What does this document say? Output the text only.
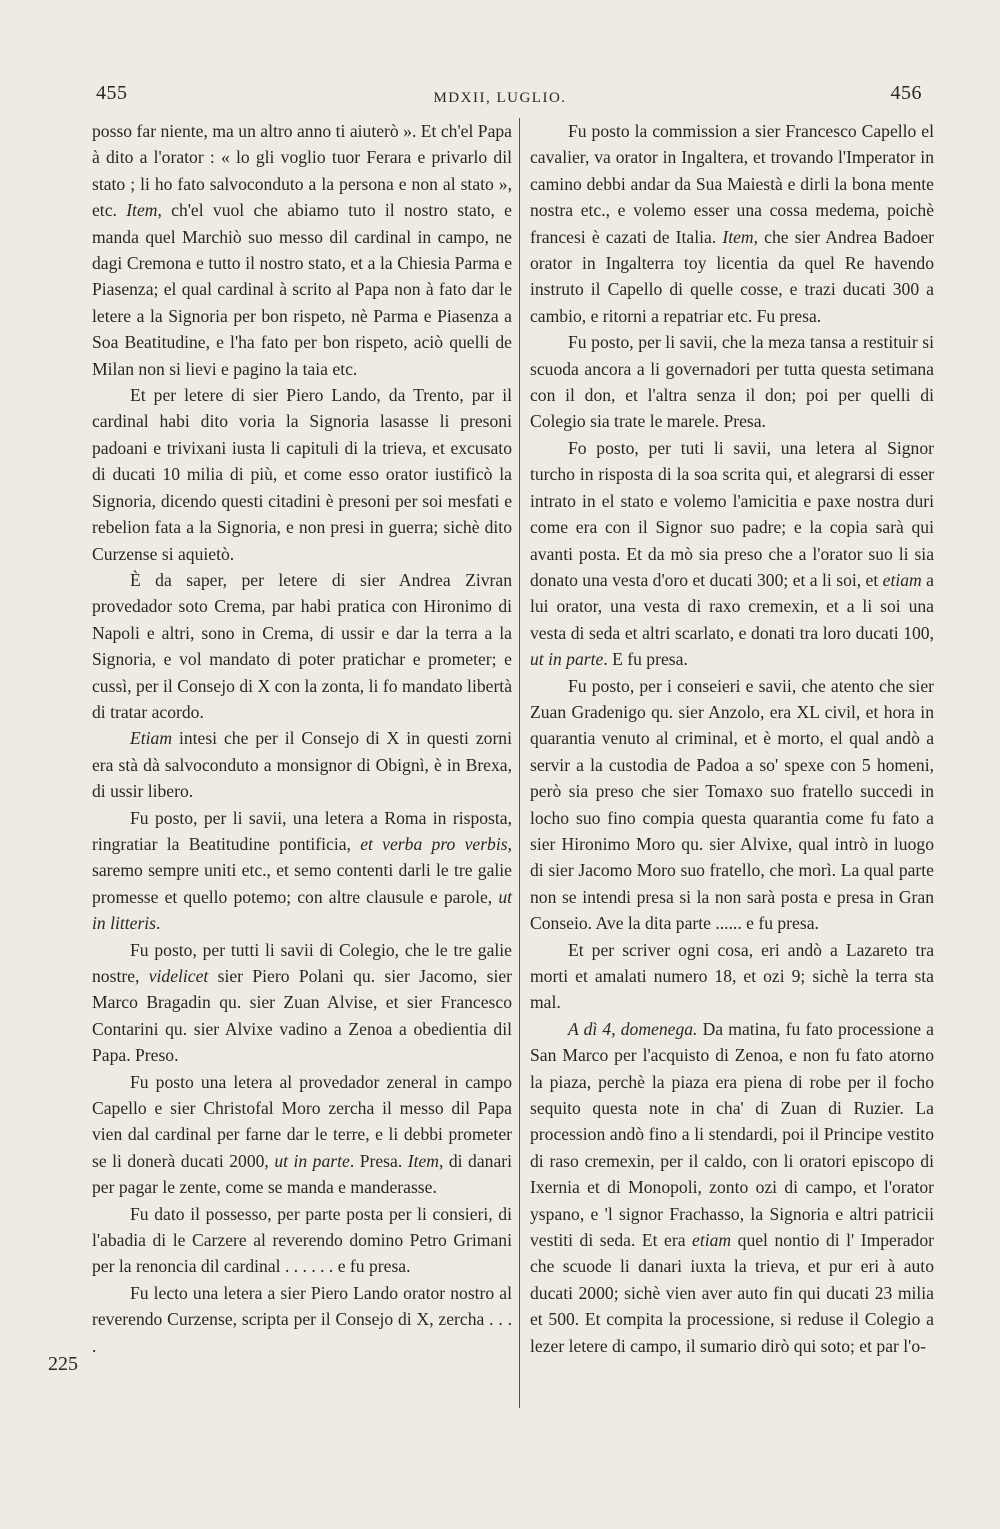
455	MDXII, LUGLIO.	456

posso far niente, ma un altro anno ti aiuterò ». Et ch'el Papa à dito a l'orator : « lo gli voglio tuor Ferara e privarlo dil stato ; li ho fato salvoconduto a la persona e non al stato », etc. Item, ch'el vuol che abiamo tuto il nostro stato, e manda quel Marchiò suo messo dil cardinal in campo, ne dagi Cremona e tutto il nostro stato, et a la Chiesia Parma e Piasenza; el qual cardinal à scrito al Papa non à fato dar le letere a la Signoria per bon rispeto, nè Parma e Piasenza a Soa Beatitudine, e l'ha fato per bon rispeto, aciò quelli de Milan non si lievi e pagino la taia etc.

Et per letere di sier Piero Lando, da Trento, par il cardinal habi dito voria la Signoria lasasse li presoni padoani e trivixani iusta li capituli di la trieva, et excusato di ducati 10 milia di più, et come esso orator iustificò la Signoria, dicendo questi citadini è presoni per soi mesfati e rebelion fata a la Signoria, e non presi in guerra; sichè dito Curzense si aquietò.

È da saper, per letere di sier Andrea Zivran provedador soto Crema, par habi pratica con Hironimo di Napoli e altri, sono in Crema, di ussir e dar la terra a la Signoria, e vol mandato di poter pratichar e prometer; e cussì, per il Consejo di X con la zonta, li fo mandato libertà di tratar acordo.

Etiam intesi che per il Consejo di X in questi zorni era stà dà salvoconduto a monsignor di Obignì, è in Brexa, di ussir libero.

Fu posto, per li savii, una letera a Roma in risposta, ringratiar la Beatitudine pontificia, et verba pro verbis, saremo sempre uniti etc., et semo contenti darli le tre galie promesse et quello potemo; con altre clausule e parole, ut in litteris.

Fu posto, per tutti li savii di Colegio, che le tre galie nostre, videlicet sier Piero Polani qu. sier Jacomo, sier Marco Bragadin qu. sier Zuan Alvise, et sier Francesco Contarini qu. sier Alvixe vadino a Zenoa a obedientia dil Papa. Preso.

Fu posto una letera al provedador zeneral in campo Capello e sier Christofal Moro zercha il messo dil Papa vien dal cardinal per farne dar le terre, e li debbi prometer se li donerà ducati 2000, ut in parte. Presa. Item, di danari per pagar le zente, come se manda e manderasse.

Fu dato il possesso, per parte posta per li consieri, di l'abadia di le Carzere al reverendo domino Petro Grimani per la renoncia dil cardinal . . . . . . e fu presa.

Fu lecto una letera a sier Piero Lando orator nostro al reverendo Curzense, scripta per il Consejo di X, zercha . . . .

Fu posto la commission a sier Francesco Capello el cavalier, va orator in Ingaltera, et trovando l'Imperator in camino debbi andar da Sua Maiestà e dirli la bona mente nostra etc., e volemo esser una cossa medema, poichè francesi è cazati de Italia. Item, che sier Andrea Badoer orator in Ingalterra toy licentia da quel Re havendo instruto il Capello di quelle cosse, e trazi ducati 300 a cambio, e ritorni a repatriar etc. Fu presa.

Fu posto, per li savii, che la meza tansa a restituir si scuoda ancora a li governadori per tutta questa setimana con il don, et l'altra senza il don; poi per quelli di Colegio sia trate le marele. Presa.

Fo posto, per tuti li savii, una letera al Signor turcho in risposta di la soa scrita qui, et alegrarsi di esser intrato in el stato e volemo l'amicitia e paxe nostra duri come era con il Signor suo padre; e la copia sarà qui avanti posta. Et da mò sia preso che a l'orator suo li sia donato una vesta d'oro et ducati 300; et a li soi, et etiam a lui orator, una vesta di raxo cremexin, et a li soi una vesta di seda et altri scarlato, e donati tra loro ducati 100, ut in parte. E fu presa.

Fu posto, per i conseieri e savii, che atento che sier Zuan Gradenigo qu. sier Anzolo, era XL civil, et hora in quarantia venuto al criminal, et è morto, el qual andò a servir a la custodia de Padoa a so' spexe con 5 homeni, però sia preso che sier Tomaxo suo fratello succedi in locho suo fino compia questa quarantia come fu fato a sier Hironimo Moro qu. sier Alvixe, qual intrò in luogo di sier Jacomo Moro suo fratello, che morì. La qual parte non se intendi presa si la non sarà posta e presa in Gran Conseio. Ave la dita parte ...... e fu presa.

Et per scriver ogni cosa, eri andò a Lazareto tra morti et amalati numero 18, et ozi 9; sichè la terra sta mal.

A dì 4, domenega. Da matina, fu fato processione a San Marco per l'acquisto di Zenoa, e non fu fato atorno la piaza, perchè la piaza era piena di robe per il focho sequito questa note in cha' di Zuan di Ruzier. La procession andò fino a li stendardi, poi il Principe vestito di raso cremexin, per il caldo, con li oratori episcopo di Ixernia et di Monopoli, zonto ozi di campo, et l'orator yspano, e 'l signor Frachasso, la Signoria e altri patricii vestiti di seda. Et era etiam quel nontio di l' Imperador che scuode li danari iuxta la trieva, et pur eri à auto ducati 2000; sichè vien aver auto fin qui ducati 23 milia et 500. Et compita la processione, si reduse il Colegio a lezer letere di campo, il sumario dirò qui soto; et par l'o-

225
